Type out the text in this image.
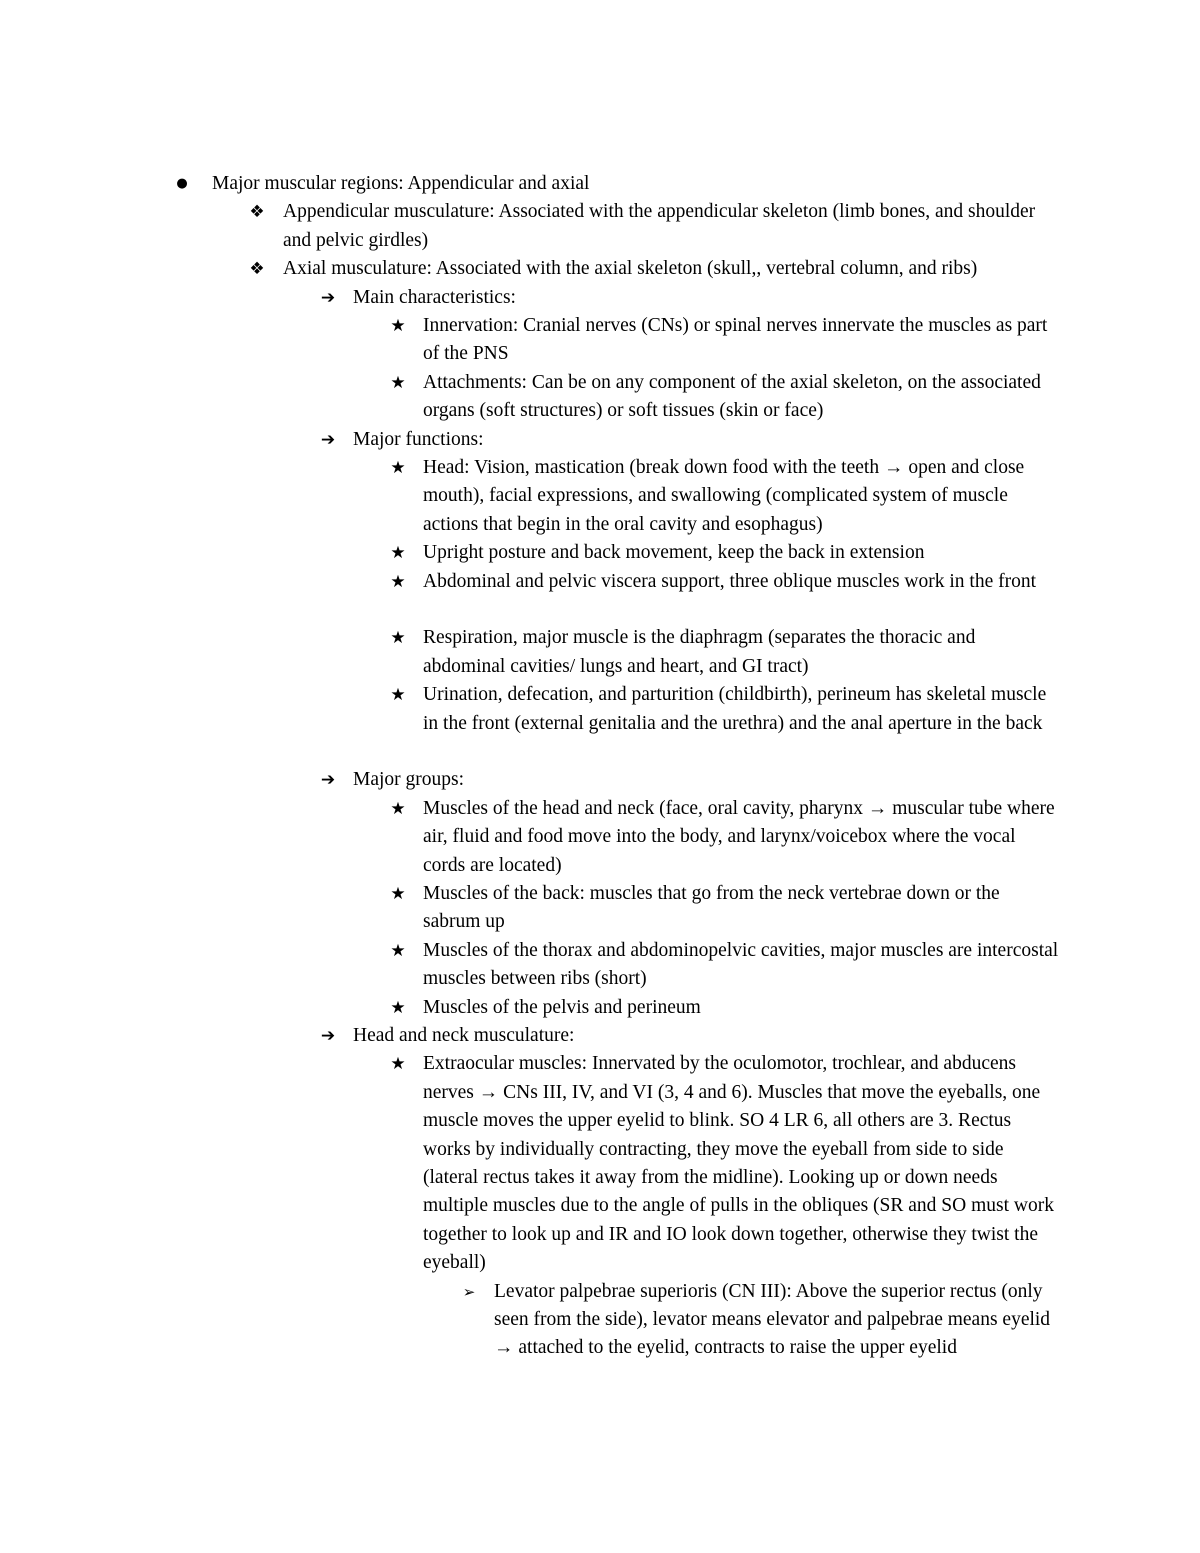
●	Major muscular regions: Appendicular and axial
❖ Appendicular musculature: Associated with the appendicular skeleton (limb bones, and shoulder and pelvic girdles)
❖ Axial musculature: Associated with the axial skeleton (skull,, vertebral column, and ribs)
➔ Main characteristics:
★ Innervation: Cranial nerves (CNs) or spinal nerves innervate the muscles as part of the PNS
★ Attachments: Can be on any component of the axial skeleton, on the associated organs (soft structures) or soft tissues (skin or face)
➔ Major functions:
★ Head: Vision, mastication (break down food with the teeth → open and close mouth), facial expressions, and swallowing (complicated system of muscle actions that begin in the oral cavity and esophagus)
★ Upright posture and back movement, keep the back in extension
★ Abdominal and pelvic viscera support, three oblique muscles work in the front
★ Respiration, major muscle is the diaphragm (separates the thoracic and abdominal cavities/ lungs and heart, and GI tract)
★ Urination, defecation, and parturition (childbirth), perineum has skeletal muscle in the front (external genitalia and the urethra) and the anal aperture in the back
➔ Major groups:
★ Muscles of the head and neck (face, oral cavity, pharynx → muscular tube where air, fluid and food move into the body, and larynx/voicebox where the vocal cords are located)
★ Muscles of the back: muscles that go from the neck vertebrae down or the sabrum up
★ Muscles of the thorax and abdominopelvic cavities, major muscles are intercostal muscles between ribs (short)
★ Muscles of the pelvis and perineum
➔ Head and neck musculature:
★ Extraocular muscles: Innervated by the oculomotor, trochlear, and abducens nerves → CNs III, IV, and VI (3, 4 and 6). Muscles that move the eyeballs, one muscle moves the upper eyelid to blink. SO 4 LR 6, all others are 3. Rectus works by individually contracting, they move the eyeball from side to side (lateral rectus takes it away from the midline). Looking up or down needs multiple muscles due to the angle of pulls in the obliques (SR and SO must work together to look up and IR and IO look down together, otherwise they twist the eyeball)
➢ Levator palpebrae superioris (CN III): Above the superior rectus (only seen from the side), levator means elevator and palpebrae means eyelid → attached to the eyelid, contracts to raise the upper eyelid
